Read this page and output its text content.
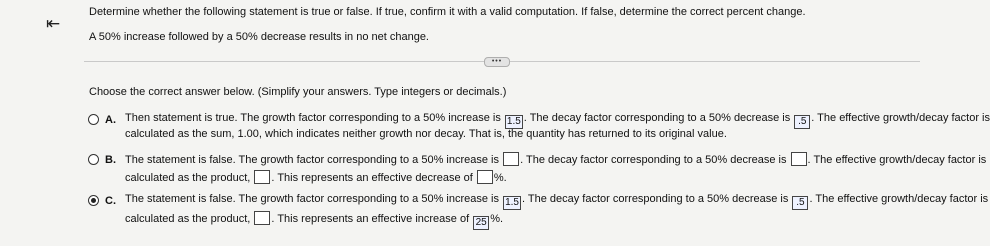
⇤
Determine whether the following statement is true or false. If true, confirm it with a valid computation. If false, determine the correct percent change.
A 50% increase followed by a 50% decrease results in no net change.
•••
Choose the correct answer below. (Simplify your answers. Type integers or decimals.)
A. Then statement is true. The growth factor corresponding to a 50% increase is 1.5 . The decay factor corresponding to a 50% decrease is .5 . The effective growth/decay factor is
calculated as the sum, 1.00, which indicates neither growth nor decay. That is, the quantity has returned to its original value.
B. The statement is false. The growth factor corresponding to a 50% increase is . The decay factor corresponding to a 50% decrease is . The effective growth/decay factor is
calculated as the product, . This represents an effective decrease of %.
C. The statement is false. The growth factor corresponding to a 50% increase is 1.5 . The decay factor corresponding to a 50% decrease is .5 . The effective growth/decay factor is
calculated as the product, . This represents an effective increase of 25 %.
